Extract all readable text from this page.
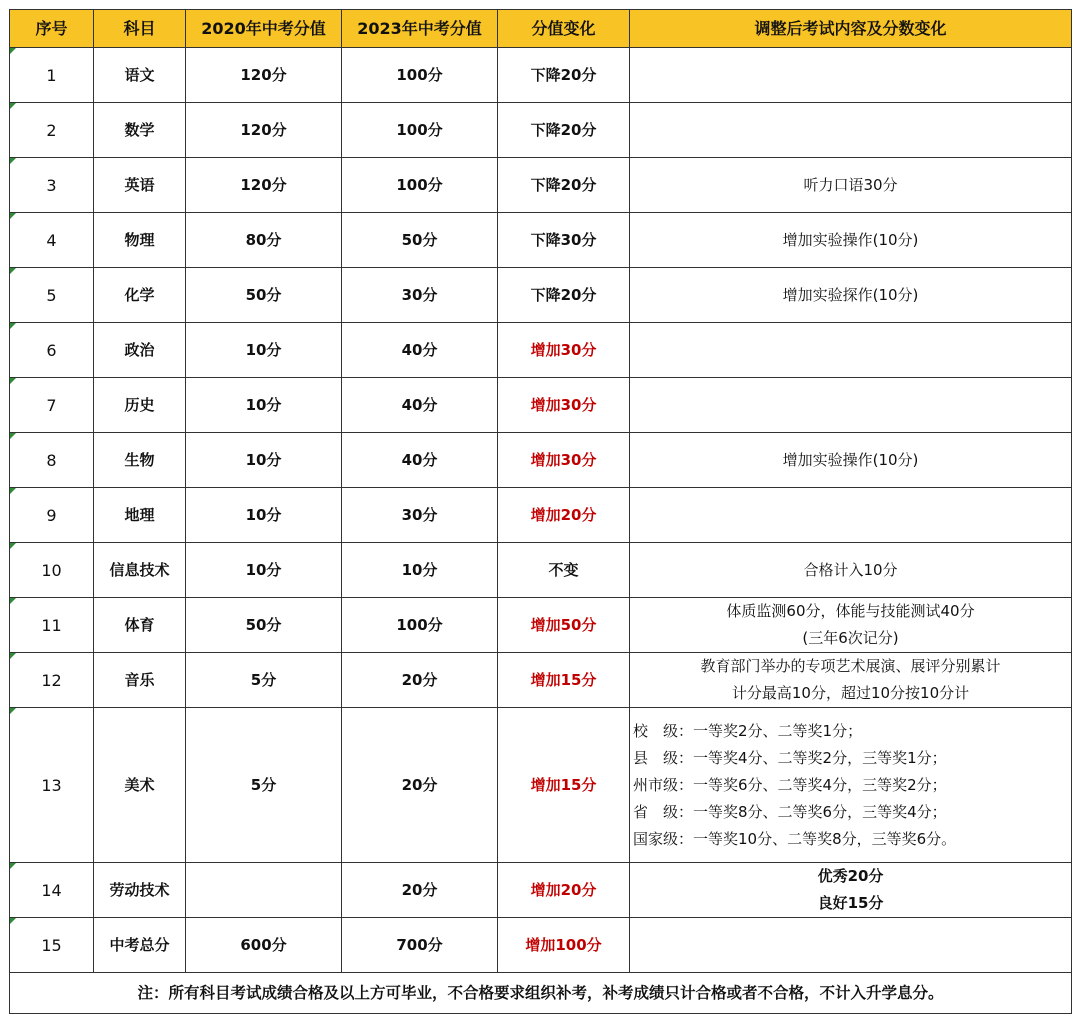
序号	科目	2020年中考分值	2023年中考分值	分值变化	调整后考试内容及分数变化
1	语文	120分	100分	下降20分	
2	数学	120分	100分	下降20分	
3	英语	120分	100分	下降20分	听力口语30分

4	物理	80分	50分	下降30分	增加实验操作(10分)

5	化学	50分	30分	下降20分	增加实验探作(10分)

6	政治	10分	40分	增加30分	
7	历史	10分	40分	增加30分	
8	生物	10分	40分	增加30分	增加实验操作(10分)

9	地理	10分	30分	增加20分	
10	信息技术	10分	10分	不变	合格计入10分

11	体育	50分	100分	增加50分	体质监测60分，体能与技能测试40分
(三年6次记分)

12	音乐	5分	20分	增加15分	教育部门举办的专项艺术展演、展评分别累计
计分最高10分，超过10分按10分计

13	美术	5分	20分	增加15分	校　级：一等奖2分、二等奖1分；
县　级：一等奖4分、二等奖2分，三等奖1分；
州市级：一等奖6分、二等奖4分，三等奖2分；
省　级：一等奖8分、二等奖6分，三等奖4分；
国家级：一等奖10分、二等奖8分，三等奖6分。

14	劳动技术		20分	增加20分	优秀20分
良好15分

15	中考总分	600分	700分	增加100分	
注：所有科目考试成绩合格及以上方可毕业，不合格要求组织补考，补考成绩只计合格或者不合格，不计入升学息分。					
